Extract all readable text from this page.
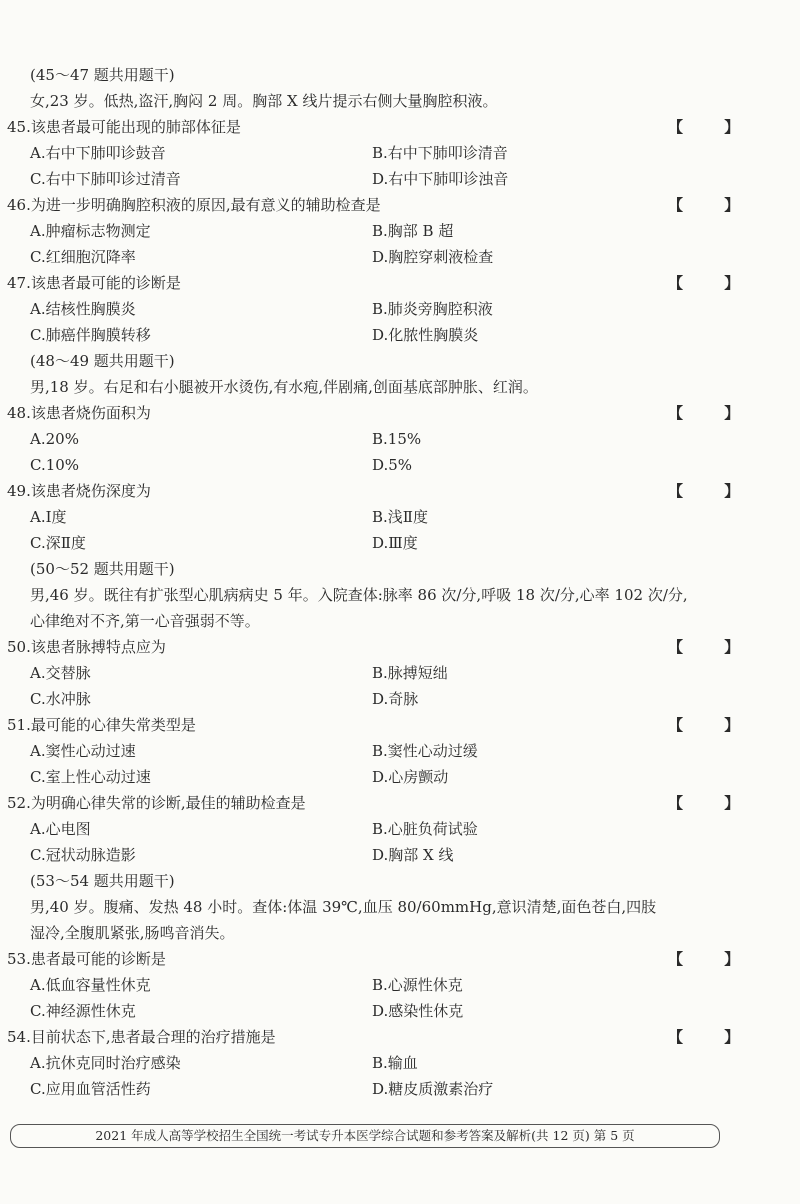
(45～47 题共用题干)
女,23 岁。低热,盗汗,胸闷 2 周。胸部 X 线片提示右侧大量胸腔积液。
45.该患者最可能出现的肺部体征是	【 】
A.右中下肺叩诊鼓音	B.右中下肺叩诊清音
C.右中下肺叩诊过清音	D.右中下肺叩诊浊音
46.为进一步明确胸腔积液的原因,最有意义的辅助检查是	【 】
A.肿瘤标志物测定	B.胸部 B 超
C.红细胞沉降率	D.胸腔穿刺液检查
47.该患者最可能的诊断是	【 】
A.结核性胸膜炎	B.肺炎旁胸腔积液
C.肺癌伴胸膜转移	D.化脓性胸膜炎
(48～49 题共用题干)
男,18 岁。右足和右小腿被开水烫伤,有水疱,伴剧痛,创面基底部肿胀、红润。
48.该患者烧伤面积为	【 】
A.20%	B.15%
C.10%	D.5%
49.该患者烧伤深度为	【 】
A.Ⅰ度	B.浅Ⅱ度
C.深Ⅱ度	D.Ⅲ度
(50～52 题共用题干)
男,46 岁。既往有扩张型心肌病病史 5 年。入院查体:脉率 86 次/分,呼吸 18 次/分,心率 102 次/分,
心律绝对不齐,第一心音强弱不等。
50.该患者脉搏特点应为	【 】
A.交替脉	B.脉搏短绌
C.水冲脉	D.奇脉
51.最可能的心律失常类型是	【 】
A.窦性心动过速	B.窦性心动过缓
C.室上性心动过速	D.心房颤动
52.为明确心律失常的诊断,最佳的辅助检查是	【 】
A.心电图	B.心脏负荷试验
C.冠状动脉造影	D.胸部 X 线
(53～54 题共用题干)
男,40 岁。腹痛、发热 48 小时。查体:体温 39℃,血压 80/60mmHg,意识清楚,面色苍白,四肢
湿冷,全腹肌紧张,肠鸣音消失。
53.患者最可能的诊断是	【 】
A.低血容量性休克	B.心源性休克
C.神经源性休克	D.感染性休克
54.目前状态下,患者最合理的治疗措施是	【 】
A.抗休克同时治疗感染	B.输血
C.应用血管活性药	D.糖皮质激素治疗
2021 年成人高等学校招生全国统一考试专升本医学综合试题和参考答案及解析(共 12 页) 第 5 页
